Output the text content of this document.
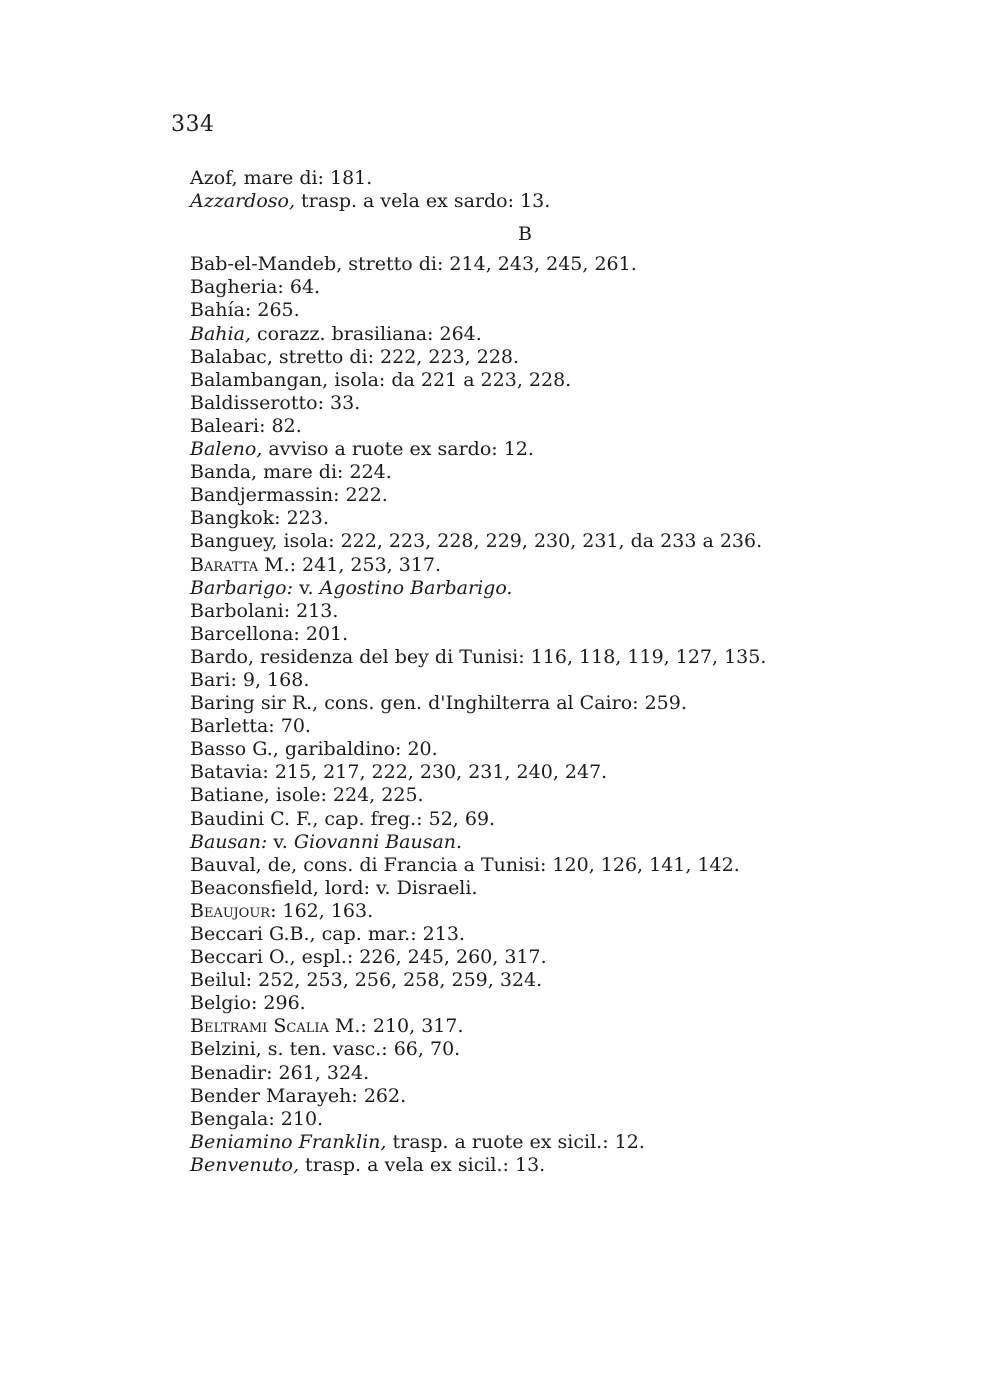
334
Azof, mare di: 181.
Azzardoso, trasp. a vela ex sardo: 13.
B
Bab-el-Mandeb, stretto di: 214, 243, 245, 261.
Bagheria: 64.
Bahía: 265.
Bahia, corazz. brasiliana: 264.
Balabac, stretto di: 222, 223, 228.
Balambangan, isola: da 221 a 223, 228.
Baldisserotto: 33.
Baleari: 82.
Baleno, avviso a ruote ex sardo: 12.
Banda, mare di: 224.
Bandjermassin: 222.
Bangkok: 223.
Banguey, isola: 222, 223, 228, 229, 230, 231, da 233 a 236.
Baratta M.: 241, 253, 317.
Barbarigo: v. Agostino Barbarigo.
Barbolani: 213.
Barcellona: 201.
Bardo, residenza del bey di Tunisi: 116, 118, 119, 127, 135.
Bari: 9, 168.
Baring sir R., cons. gen. d'Inghilterra al Cairo: 259.
Barletta: 70.
Basso G., garibaldino: 20.
Batavia: 215, 217, 222, 230, 231, 240, 247.
Batiane, isole: 224, 225.
Baudini C. F., cap. freg.: 52, 69.
Bausan: v. Giovanni Bausan.
Bauval, de, cons. di Francia a Tunisi: 120, 126, 141, 142.
Beaconsfield, lord: v. Disraeli.
Beaujour: 162, 163.
Beccari G.B., cap. mar.: 213.
Beccari O., espl.: 226, 245, 260, 317.
Beilul: 252, 253, 256, 258, 259, 324.
Belgio: 296.
Beltrami Scalia M.: 210, 317.
Belzini, s. ten. vasc.: 66, 70.
Benadir: 261, 324.
Bender Marayeh: 262.
Bengala: 210.
Beniamino Franklin, trasp. a ruote ex sicil.: 12.
Benvenuto, trasp. a vela ex sicil.: 13.
